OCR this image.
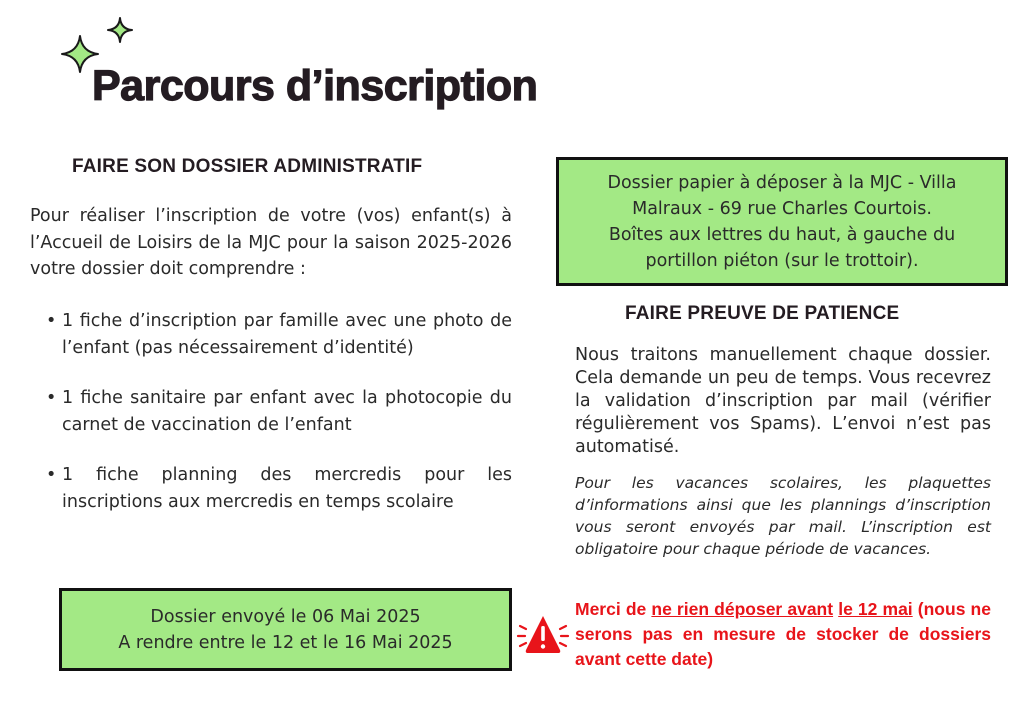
Parcours d’inscription
FAIRE SON DOSSIER ADMINISTRATIF

Pour réaliser l’inscription de votre (vos) enfant(s) à l’Accueil de Loisirs de la MJC pour la saison 2025-2026 votre dossier doit comprendre :

• 1 fiche d’inscription par famille avec une photo de l’enfant (pas nécessairement d’identité)
• 1 fiche sanitaire par enfant avec la photocopie du carnet de vaccination de l’enfant
• 1 fiche planning des mercredis pour les inscriptions aux mercredis en temps scolaire
Dossier envoyé le 06 Mai 2025
A rendre entre le 12 et le 16 Mai 2025
Dossier papier à déposer à la MJC - Villa
Malraux - 69 rue Charles Courtois.
Boîtes aux lettres du haut, à gauche du
portillon piéton (sur le trottoir).
FAIRE PREUVE DE PATIENCE

Nous traitons manuellement chaque dossier. Cela demande un peu de temps. Vous recevrez la validation d’inscription par mail (vérifier régulièrement vos Spams). L’envoi n’est pas automatisé.

Pour les vacances scolaires, les plaquettes d’informations ainsi que les plannings d’inscription vous seront envoyés par mail. L’inscription est obligatoire pour chaque période de vacances.

Merci de ne rien déposer avant le 12 mai (nous ne serons pas en mesure de stocker de dossiers avant cette date)
